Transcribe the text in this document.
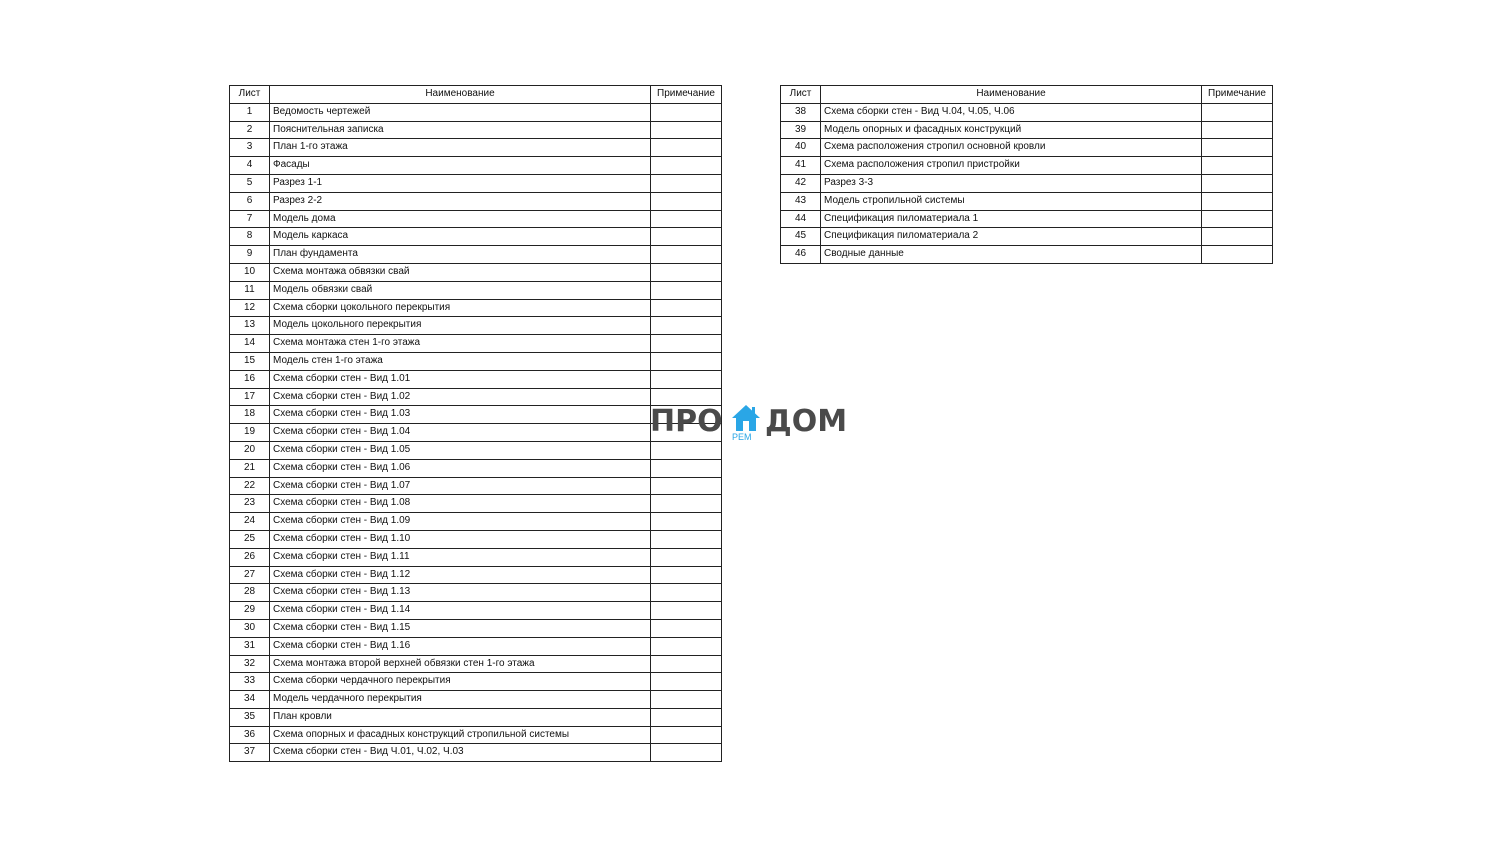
Лист	Наименование	Примечание
1	Ведомость чертежей	
2	Пояснительная записка	
3	План 1-го этажа	
4	Фасады	
5	Разрез 1-1	
6	Разрез 2-2	
7	Модель дома	
8	Модель каркаса	
9	План фундамента	
10	Схема монтажа обвязки свай	
11	Модель обвязки свай	
12	Схема сборки цокольного перекрытия	
13	Модель цокольного перекрытия	
14	Схема монтажа стен 1-го этажа	
15	Модель стен 1-го этажа	
16	Схема сборки стен - Вид 1.01	
17	Схема сборки стен - Вид 1.02	
18	Схема сборки стен - Вид 1.03	
19	Схема сборки стен - Вид 1.04	
20	Схема сборки стен - Вид 1.05	
21	Схема сборки стен - Вид 1.06	
22	Схема сборки стен - Вид 1.07	
23	Схема сборки стен - Вид 1.08	
24	Схема сборки стен - Вид 1.09	
25	Схема сборки стен - Вид 1.10	
26	Схема сборки стен - Вид 1.11	
27	Схема сборки стен - Вид 1.12	
28	Схема сборки стен - Вид 1.13	
29	Схема сборки стен - Вид 1.14	
30	Схема сборки стен - Вид 1.15	
31	Схема сборки стен - Вид 1.16	
32	Схема монтажа второй верхней обвязки стен 1-го этажа	
33	Схема сборки чердачного перекрытия	
34	Модель чердачного перекрытия	
35	План кровли	
36	Схема опорных и фасадных конструкций стропильной системы	
37	Схема сборки стен - Вид Ч.01, Ч.02, Ч.03	
Лист	Наименование	Примечание
38	Схема сборки стен - Вид Ч.04, Ч.05, Ч.06	
39	Модель опорных и фасадных конструкций	
40	Схема расположения стропил основной кровли	
41	Схема расположения стропил пристройки	
42	Разрез 3-3	
43	Модель стропильной системы	
44	Спецификация пиломатериала 1	
45	Спецификация пиломатериала 2	
46	Сводные данные	
ПРО РЕМ ДОМ
